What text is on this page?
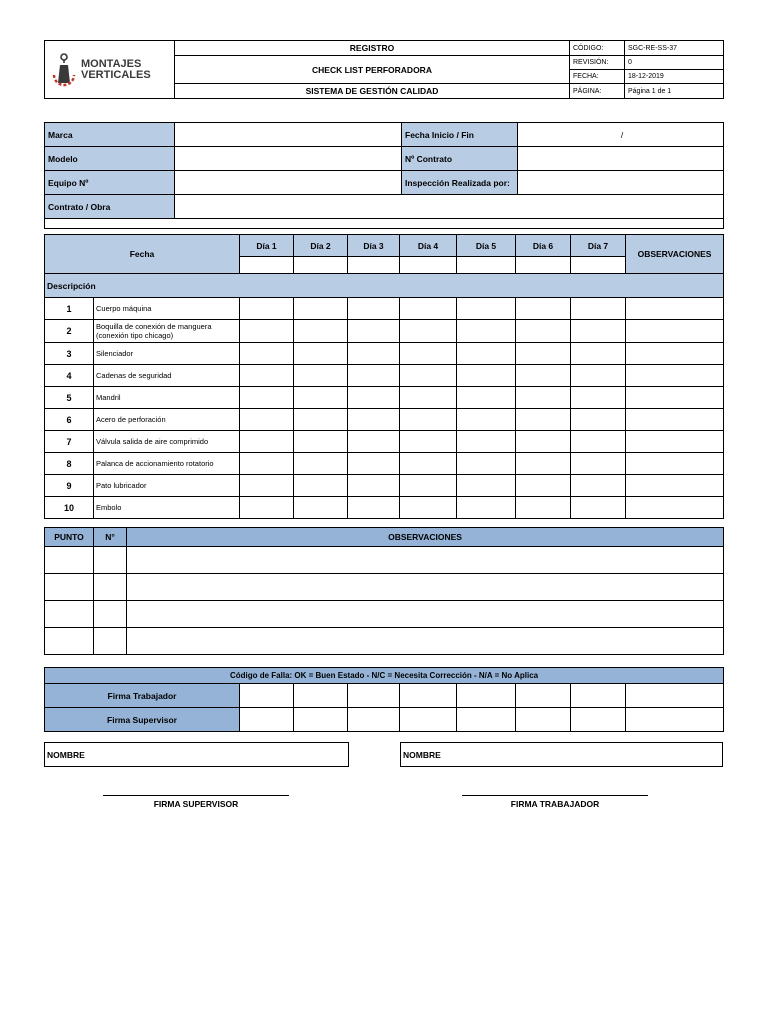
MONTAJES
VERTICALES	REGISTRO	CÓDIGO:	SGC-RE-SS-37
	CHECK LIST PERFORADORA	REVISIÓN:	0
		FECHA:	18-12-2019
	SISTEMA DE GESTIÓN CALIDAD	PÁGINA:	Página 1 de 1
Marca		Fecha Inicio / Fin	/
Modelo		Nº Contrato	
Equipo Nº		Inspección Realizada por:	
Contrato / Obra			

Fecha		Día 1	Día 2	Día 3	Día 4	Día 5	Día 6	Día 7	OBSERVACIONES

Descripción									
1	Cuerpo máquina								
2	Boquilla de conexión de manguera (conexión tipo chicago)								
3	Silenciador								
4	Cadenas de seguridad								
5	Mandril								
6	Acero de perforación								
7	Válvula salida de aire comprimido								
8	Palanca de accionamiento rotatorio								
9	Pato lubricador								
10	Embolo								
PUNTO	N°	OBSERVACIONES

Código de Falla: OK = Buen Estado - N/C = Necesita Corrección - N/A = No Aplica								
Firma Trabajador								
Firma Supervisor								
NOMBRE	NOMBRE
FIRMA SUPERVISOR	FIRMA TRABAJADOR
